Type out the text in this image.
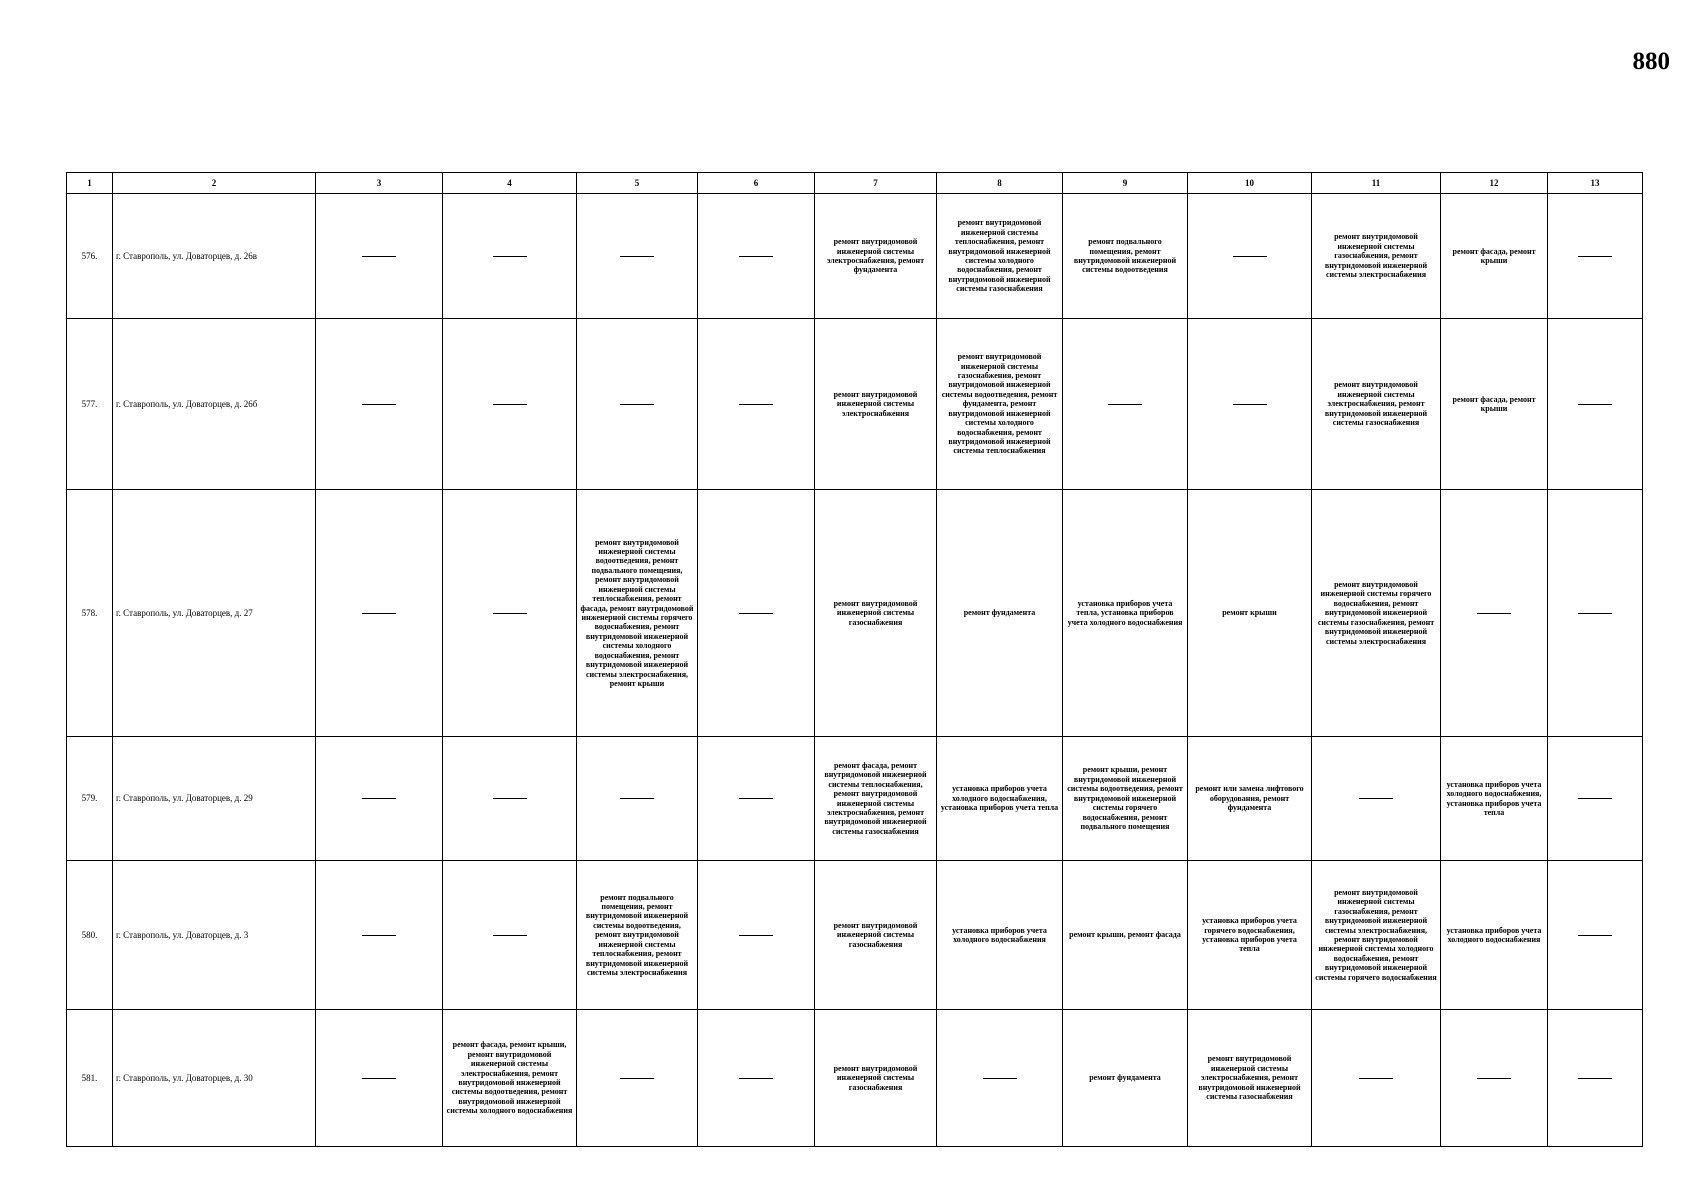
880
1	2	3	4	5	6	7	8	9	10	11	12	13
576.	г. Ставрополь, ул. Доваторцев, д. 26в					ремонт внутридомовой инженерной системы электроснабжения, ремонт фундамента	ремонт внутридомовой инженерной системы теплоснабжения, ремонт внутридомовой инженерной системы холодного водоснабжения, ремонт внутридомовой инженерной системы газоснабжения	ремонт подвального помещения, ремонт внутридомовой инженерной системы водоотведения		ремонт внутридомовой инженерной системы газоснабжения, ремонт внутридомовой инженерной системы электроснабжения	ремонт фасада, ремонт крыши	
577.	г. Ставрополь, ул. Доваторцев, д. 26б					ремонт внутридомовой инженерной системы электроснабжения	ремонт внутридомовой инженерной системы газоснабжения, ремонт внутридомовой инженерной системы водоотведения, ремонт фундамента, ремонт внутридомовой инженерной системы холодного водоснабжения, ремонт внутридомовой инженерной системы теплоснабжения			ремонт внутридомовой инженерной системы электроснабжения, ремонт внутридомовой инженерной системы газоснабжения	ремонт фасада, ремонт крыши	
578.	г. Ставрополь, ул. Доваторцев, д. 27			ремонт внутридомовой инженерной системы водоотведения, ремонт подвального помещения, ремонт внутридомовой инженерной системы теплоснабжения, ремонт фасада, ремонт внутридомовой инженерной системы горячего водоснабжения, ремонт внутридомовой инженерной системы холодного водоснабжения, ремонт внутридомовой инженерной системы электроснабжения, ремонт крыши		ремонт внутридомовой инженерной системы газоснабжения	ремонт фундамента	установка приборов учета тепла, установка приборов учета холодного водоснабжения	ремонт крыши	ремонт внутридомовой инженерной системы горячего водоснабжения, ремонт внутридомовой инженерной системы газоснабжения, ремонт внутридомовой инженерной системы электроснабжения		
579.	г. Ставрополь, ул. Доваторцев, д. 29					ремонт фасада, ремонт внутридомовой инженерной системы теплоснабжения, ремонт внутридомовой инженерной системы электроснабжения, ремонт внутридомовой инженерной системы газоснабжения	установка приборов учета холодного водоснабжения, установка приборов учета тепла	ремонт крыши, ремонт внутридомовой инженерной системы водоотведения, ремонт внутридомовой инженерной системы горячего водоснабжения, ремонт подвального помещения	ремонт или замена лифтового оборудования, ремонт фундамента		установка приборов учета холодного водоснабжения, установка приборов учета тепла	
580.	г. Ставрополь, ул. Доваторцев, д. 3			ремонт подвального помещения, ремонт внутридомовой инженерной системы водоотведения, ремонт внутридомовой инженерной системы теплоснабжения, ремонт внутридомовой инженерной системы электроснабжения		ремонт внутридомовой инженерной системы газоснабжения	установка приборов учета холодного водоснабжения	ремонт крыши, ремонт фасада	установка приборов учета горячего водоснабжения, установка приборов учета тепла	ремонт внутридомовой инженерной системы газоснабжения, ремонт внутридомовой инженерной системы электроснабжения, ремонт внутридомовой инженерной системы холодного водоснабжения, ремонт внутридомовой инженерной системы горячего водоснабжения	установка приборов учета холодного водоснабжения	
581.	г. Ставрополь, ул. Доваторцев, д. 30		ремонт фасада, ремонт крыши, ремонт внутридомовой инженерной системы электроснабжения, ремонт внутридомовой инженерной системы водоотведения, ремонт внутридомовой инженерной системы холодного водоснабжения			ремонт внутридомовой инженерной системы газоснабжения		ремонт фундамента	ремонт внутридомовой инженерной системы электроснабжения, ремонт внутридомовой инженерной системы газоснабжения			
